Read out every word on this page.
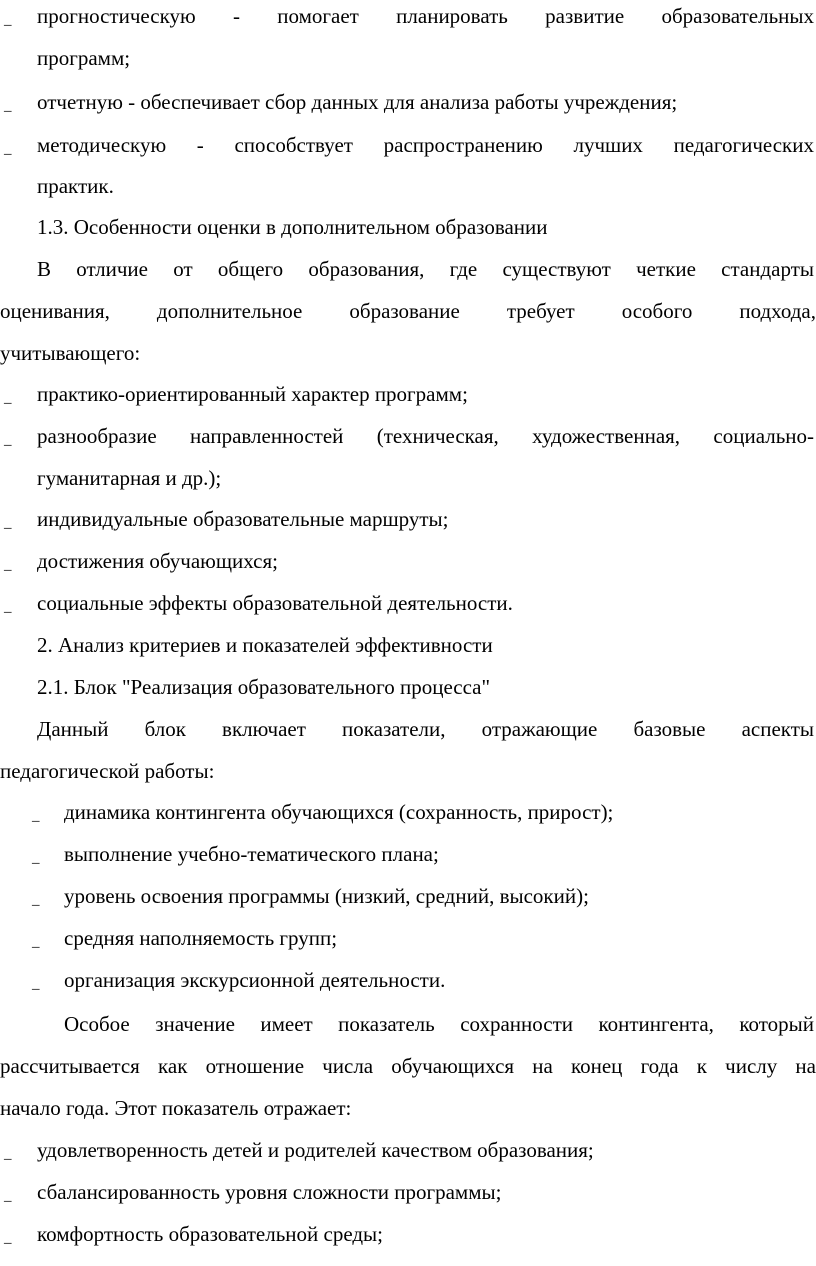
– прогностическую - помогает планировать развитие образовательных
программ;
– отчетную - обеспечивает сбор данных для анализа работы учреждения;
– методическую - способствует распространению лучших педагогических
практик.
1.3. Особенности оценки в дополнительном образовании
В отличие от общего образования, где существуют четкие стандарты
оценивания, дополнительное образование требует особого подхода,
учитывающего:
– практико-ориентированный характер программ;
– разнообразие направленностей (техническая, художественная, социально-
гуманитарная и др.);
– индивидуальные образовательные маршруты;
– достижения обучающихся;
– социальные эффекты образовательной деятельности.
2. Анализ критериев и показателей эффективности
2.1. Блок "Реализация образовательного процесса"
Данный блок включает показатели, отражающие базовые аспекты
педагогической работы:
– динамика контингента обучающихся (сохранность, прирост);
– выполнение учебно-тематического плана;
– уровень освоения программы (низкий, средний, высокий);
– средняя наполняемость групп;
– организация экскурсионной деятельности.
Особое значение имеет показатель сохранности контингента, который
рассчитывается как отношение числа обучающихся на конец года к числу на
начало года. Этот показатель отражает:
– удовлетворенность детей и родителей качеством образования;
– сбалансированность уровня сложности программы;
– комфортность образовательной среды;
